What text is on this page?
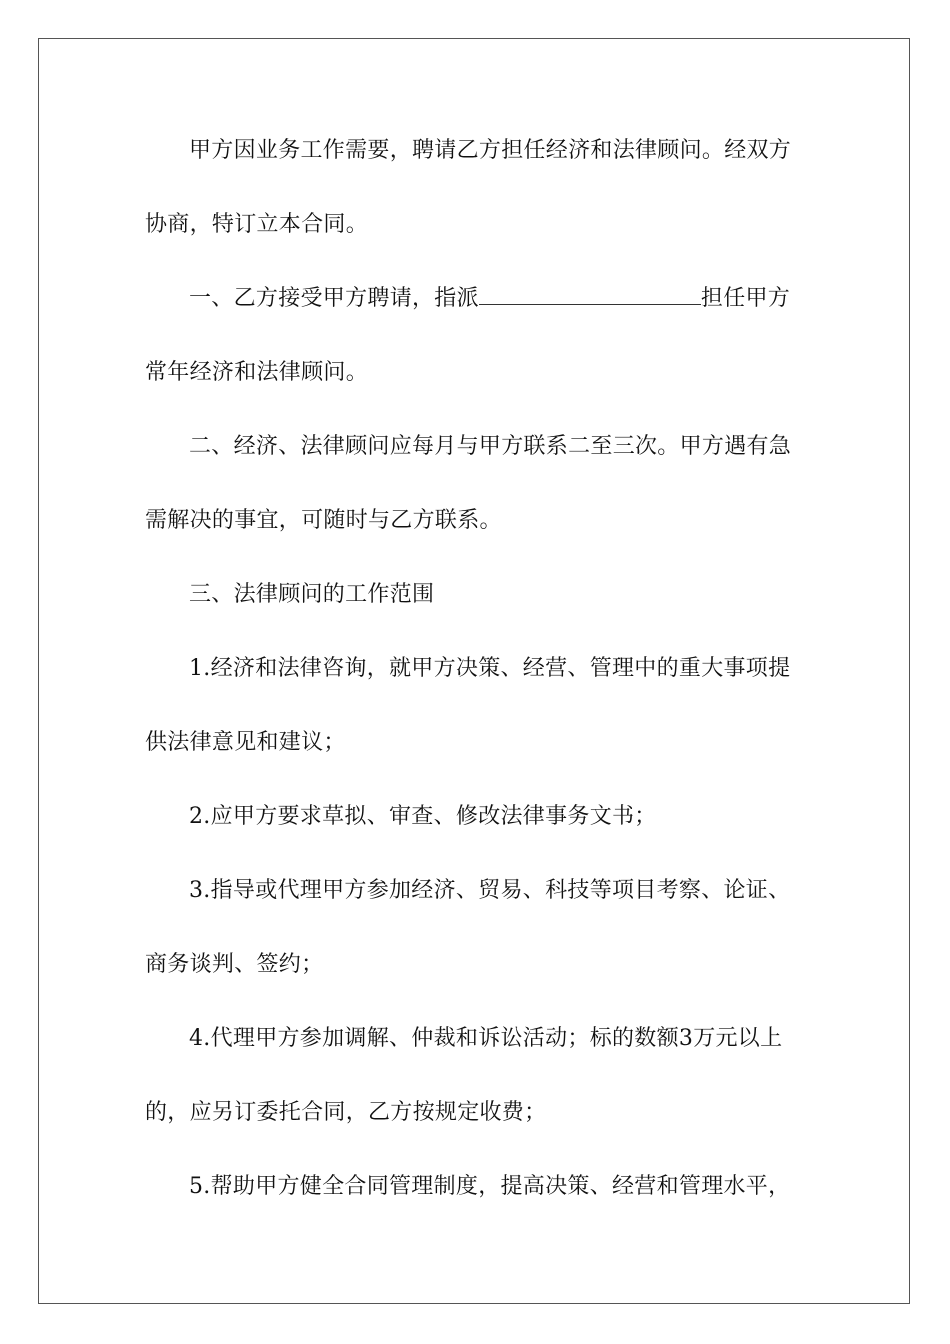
甲方因业务工作需要，聘请乙方担任经济和法律顾问。经双方
协商，特订立本合同。
一、乙方接受甲方聘请，指派	担任甲方
常年经济和法律顾问。
二、经济、法律顾问应每月与甲方联系二至三次。甲方遇有急
需解决的事宜，可随时与乙方联系。
三、法律顾问的工作范围
1.经济和法律咨询，就甲方决策、经营、管理中的重大事项提
供法律意见和建议；
2.应甲方要求草拟、审查、修改法律事务文书；
3.指导或代理甲方参加经济、贸易、科技等项目考察、论证、
商务谈判、签约；
4.代理甲方参加调解、仲裁和诉讼活动；标的数额3万元以上
的，应另订委托合同，乙方按规定收费；
5.帮助甲方健全合同管理制度，提高决策、经营和管理水平，
